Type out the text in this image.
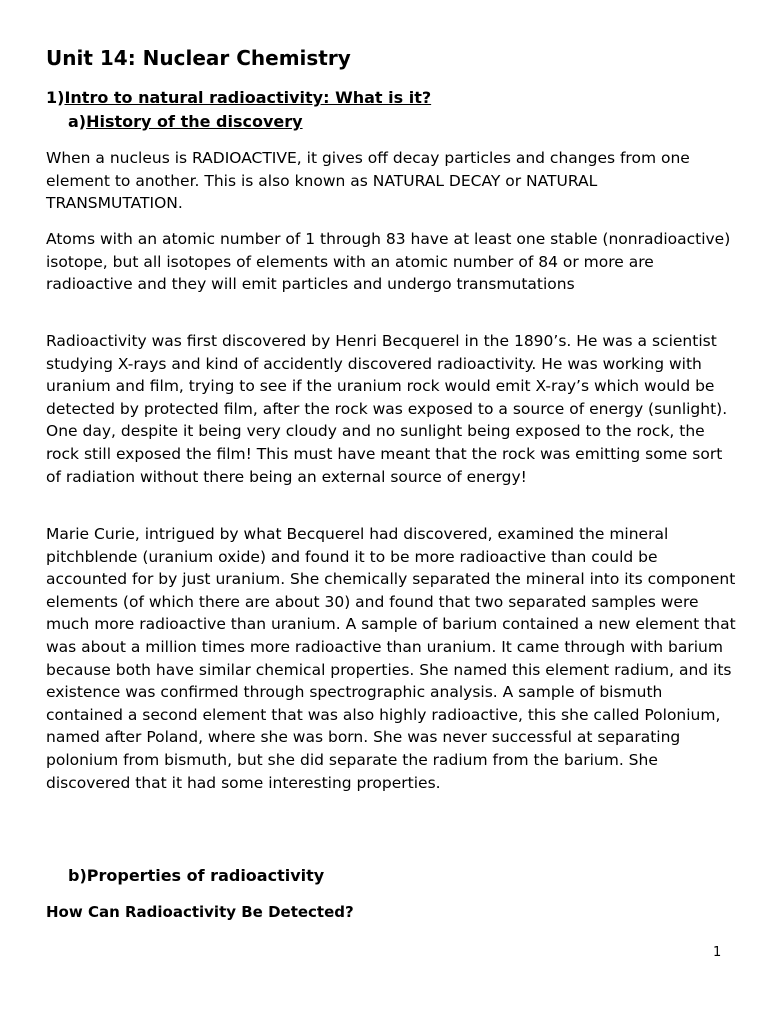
Unit 14: Nuclear Chemistry

1)Intro to natural radioactivity: What is it?

a)History of the discovery

When a nucleus is RADIOACTIVE, it gives off decay particles and changes from one element to another. This is also known as NATURAL DECAY or NATURAL TRANSMUTATION.

Atoms with an atomic number of 1 through 83 have at least one stable (nonradioactive) isotope, but all isotopes of elements with an atomic number of 84 or more are radioactive and they will emit particles and undergo transmutations

Radioactivity was first discovered by Henri Becquerel in the 1890’s. He was a scientist studying X-rays and kind of accidently discovered radioactivity. He was working with uranium and film, trying to see if the uranium rock would emit X-ray’s which would be detected by protected film, after the rock was exposed to a source of energy (sunlight). One day, despite it being very cloudy and no sunlight being exposed to the rock, the rock still exposed the film! This must have meant that the rock was emitting some sort of radiation without there being an external source of energy!

Marie Curie, intrigued by what Becquerel had discovered, examined the mineral pitchblende (uranium oxide) and found it to be more radioactive than could be accounted for by just uranium. She chemically separated the mineral into its component elements (of which there are about 30) and found that two separated samples were much more radioactive than uranium. A sample of barium contained a new element that was about a million times more radioactive than uranium. It came through with barium because both have similar chemical properties. She named this element radium, and its existence was confirmed through spectrographic analysis. A sample of bismuth contained a second element that was also highly radioactive, this she called Polonium, named after Poland, where she was born. She was never successful at separating polonium from bismuth, but she did separate the radium from the barium. She discovered that it had some interesting properties.

b)Properties of radioactivity

How Can Radioactivity Be Detected?

1
